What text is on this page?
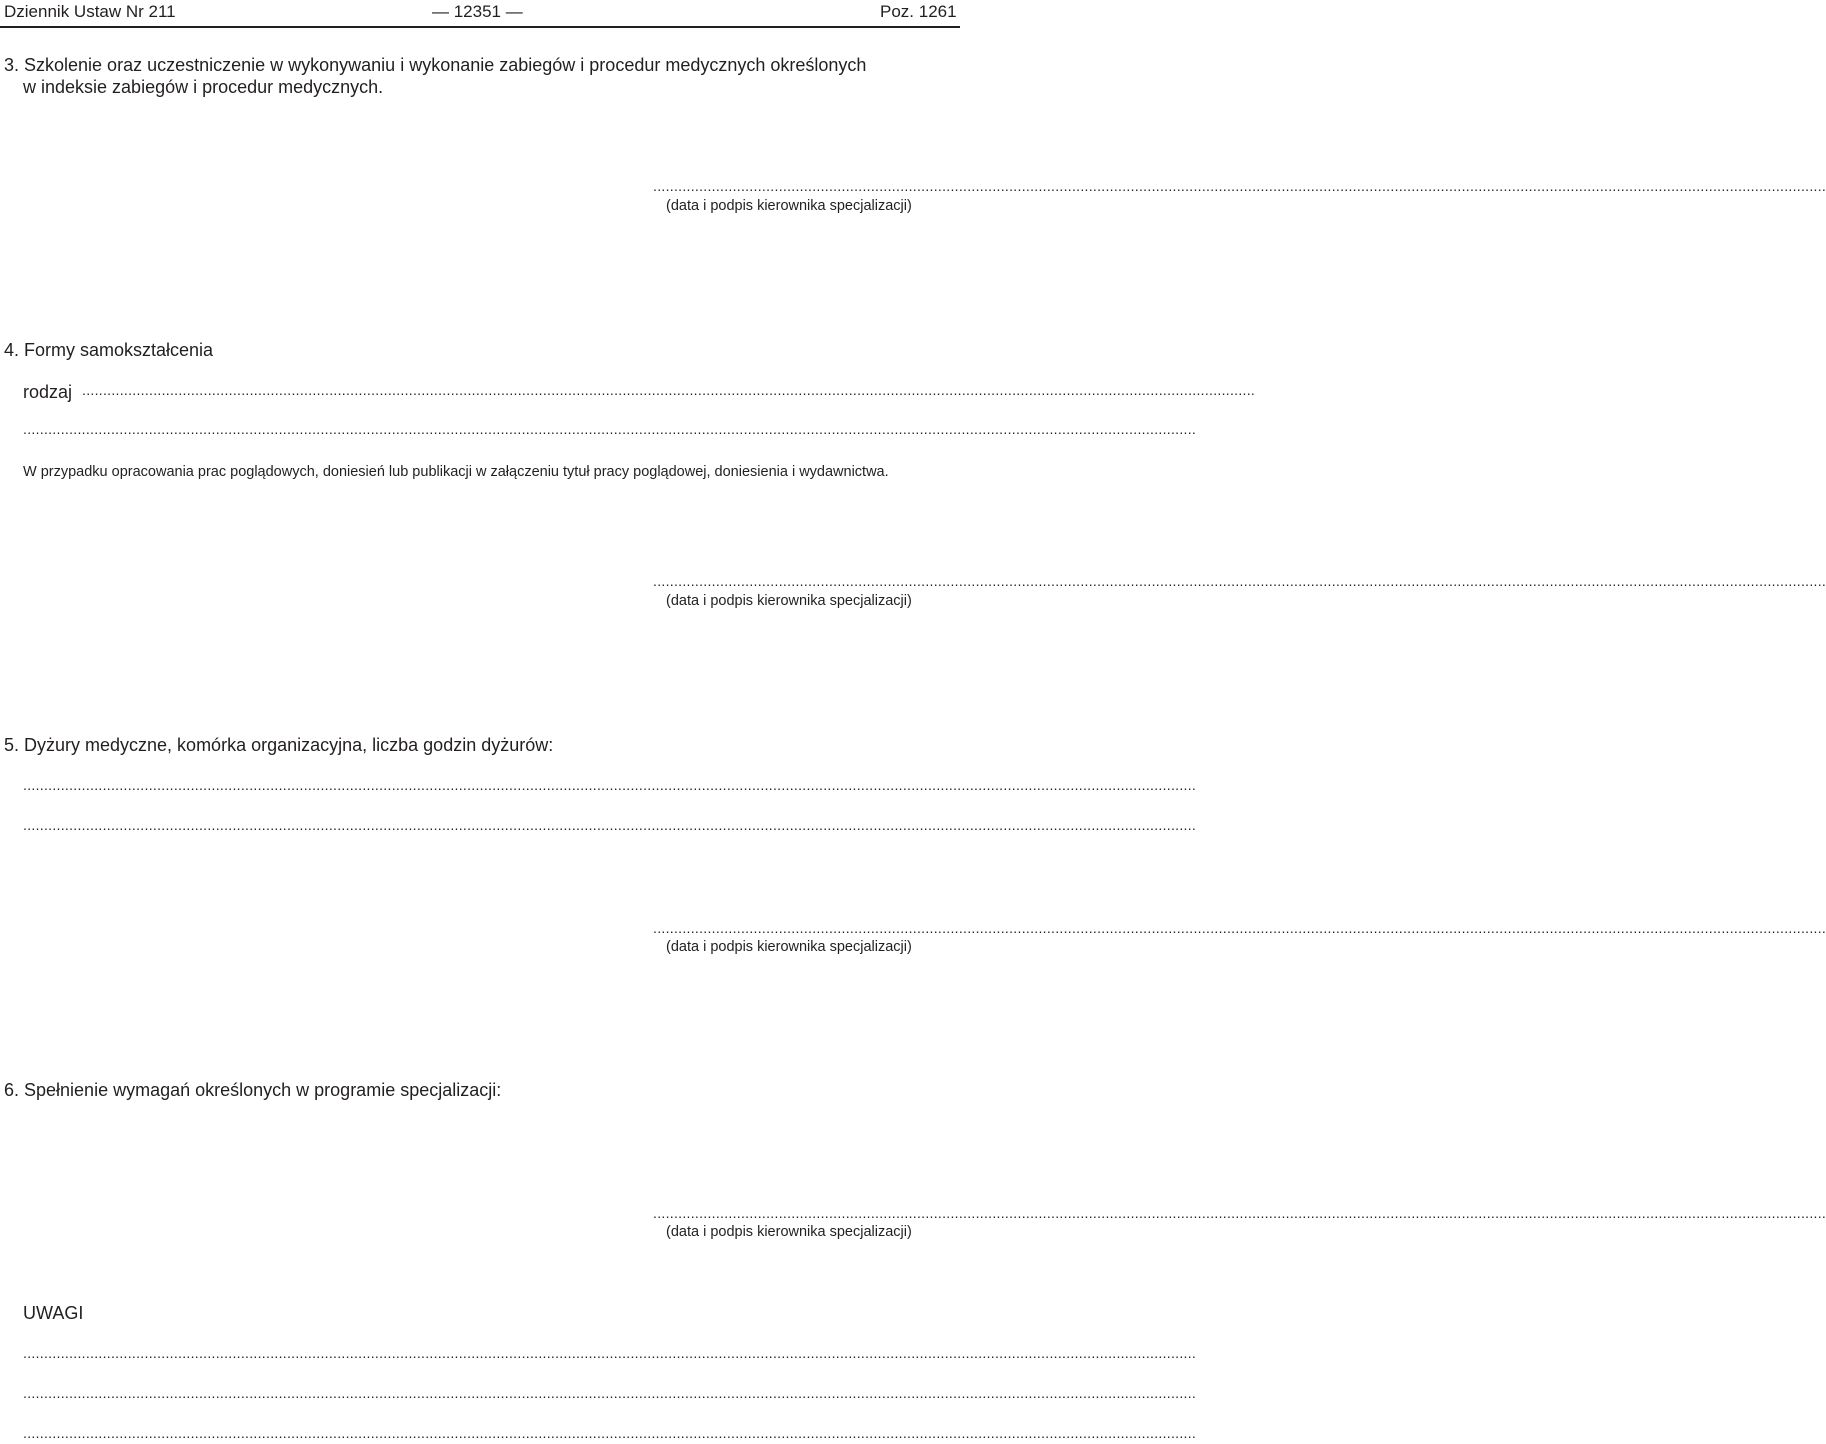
Dziennik Ustaw Nr 211	— 12351 —	Poz. 1261
3. Szkolenie oraz uczestniczenie w wykonywaniu i wykonanie zabiegów i procedur medycznych określonych
w indeksie zabiegów i procedur medycznych.
........................................................................................................................................................................................................................................................................................
(data i podpis kierownika specjalizacji)
4. Formy samokształcenia
rodzaj ........................................................................................................................................................................................................................................................................................
........................................................................................................................................................................................................................................................................................
W przypadku opracowania prac poglądowych, doniesień lub publikacji w załączeniu tytuł pracy poglądowej, doniesienia i wydawnictwa.
........................................................................................................................................................................................................................................................................................
(data i podpis kierownika specjalizacji)
5. Dyżury medyczne, komórka organizacyjna, liczba godzin dyżurów:
........................................................................................................................................................................................................................................................................................
........................................................................................................................................................................................................................................................................................
........................................................................................................................................................................................................................................................................................
(data i podpis kierownika specjalizacji)
6. Spełnienie wymagań określonych w programie specjalizacji:
........................................................................................................................................................................................................................................................................................
(data i podpis kierownika specjalizacji)
UWAGI
........................................................................................................................................................................................................................................................................................
........................................................................................................................................................................................................................................................................................
........................................................................................................................................................................................................................................................................................
